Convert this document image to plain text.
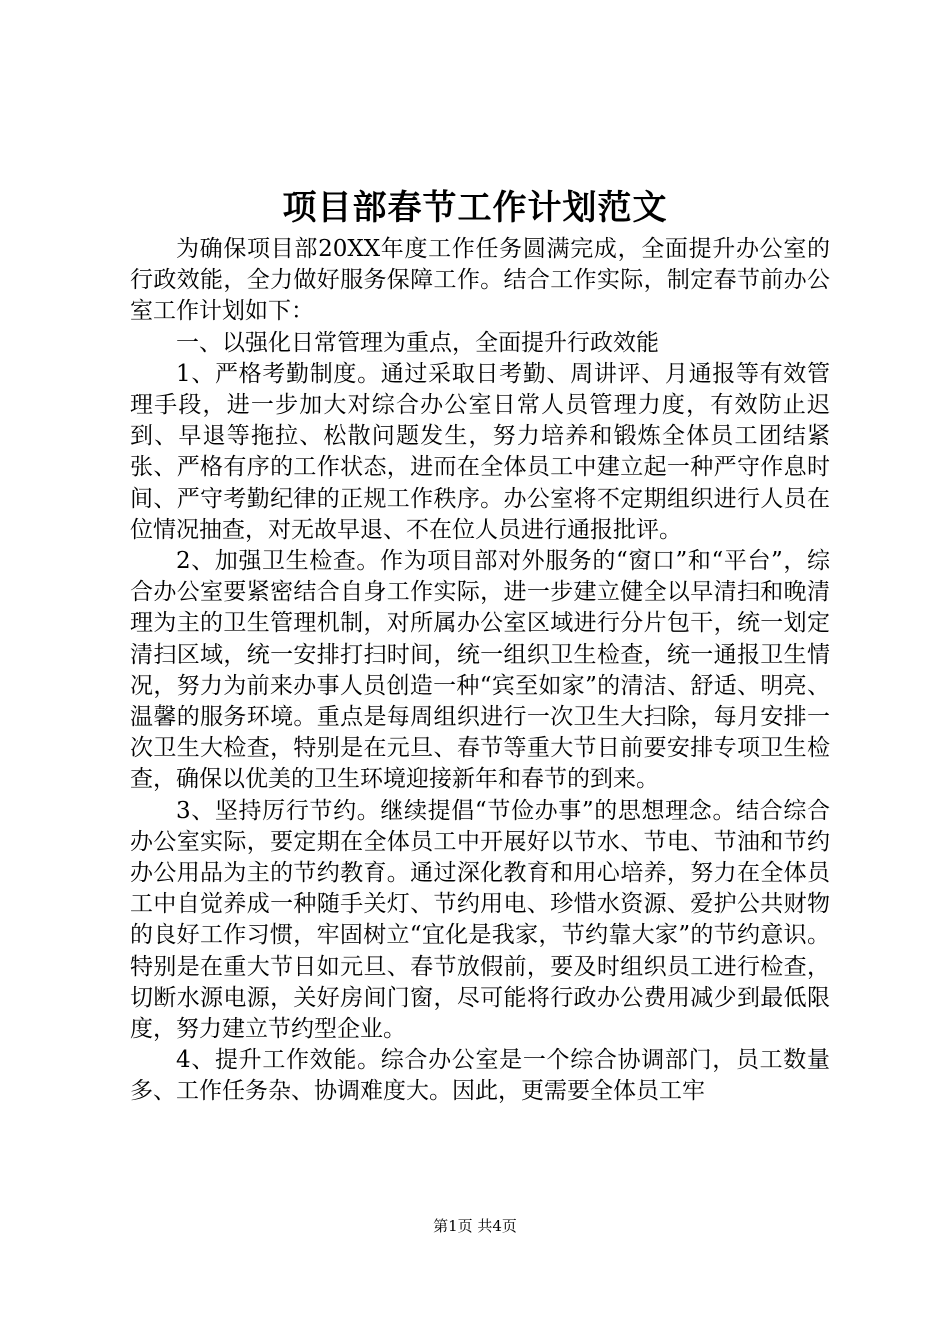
项目部春节工作计划范文

为确保项目部20XX年度工作任务圆满完成，全面提升办公室的行政效能，全力做好服务保障工作。结合工作实际，制定春节前办公室工作计划如下：

一、以强化日常管理为重点，全面提升行政效能

1、严格考勤制度。通过采取日考勤、周讲评、月通报等有效管理手段，进一步加大对综合办公室日常人员管理力度，有效防止迟到、早退等拖拉、松散问题发生，努力培养和锻炼全体员工团结紧张、严格有序的工作状态，进而在全体员工中建立起一种严守作息时间、严守考勤纪律的正规工作秩序。办公室将不定期组织进行人员在位情况抽查，对无故早退、不在位人员进行通报批评。

2、加强卫生检查。作为项目部对外服务的“窗口”和“平台”，综合办公室要紧密结合自身工作实际，进一步建立健全以早清扫和晚清理为主的卫生管理机制，对所属办公室区域进行分片包干，统一划定清扫区域，统一安排打扫时间，统一组织卫生检查，统一通报卫生情况，努力为前来办事人员创造一种“宾至如家”的清洁、舒适、明亮、温馨的服务环境。重点是每周组织进行一次卫生大扫除，每月安排一次卫生大检查，特别是在元旦、春节等重大节日前要安排专项卫生检查，确保以优美的卫生环境迎接新年和春节的到来。

3、坚持厉行节约。继续提倡“节俭办事”的思想理念。结合综合办公室实际，要定期在全体员工中开展好以节水、节电、节油和节约办公用品为主的节约教育。通过深化教育和用心培养，努力在全体员工中自觉养成一种随手关灯、节约用电、珍惜水资源、爱护公共财物的良好工作习惯，牢固树立“宜化是我家，节约靠大家”的节约意识。特别是在重大节日如元旦、春节放假前，要及时组织员工进行检查，切断水源电源，关好房间门窗，尽可能将行政办公费用减少到最低限度，努力建立节约型企业。

4、提升工作效能。综合办公室是一个综合协调部门，员工数量多、工作任务杂、协调难度大。因此，更需要全体员工牢

第1页 共4页
